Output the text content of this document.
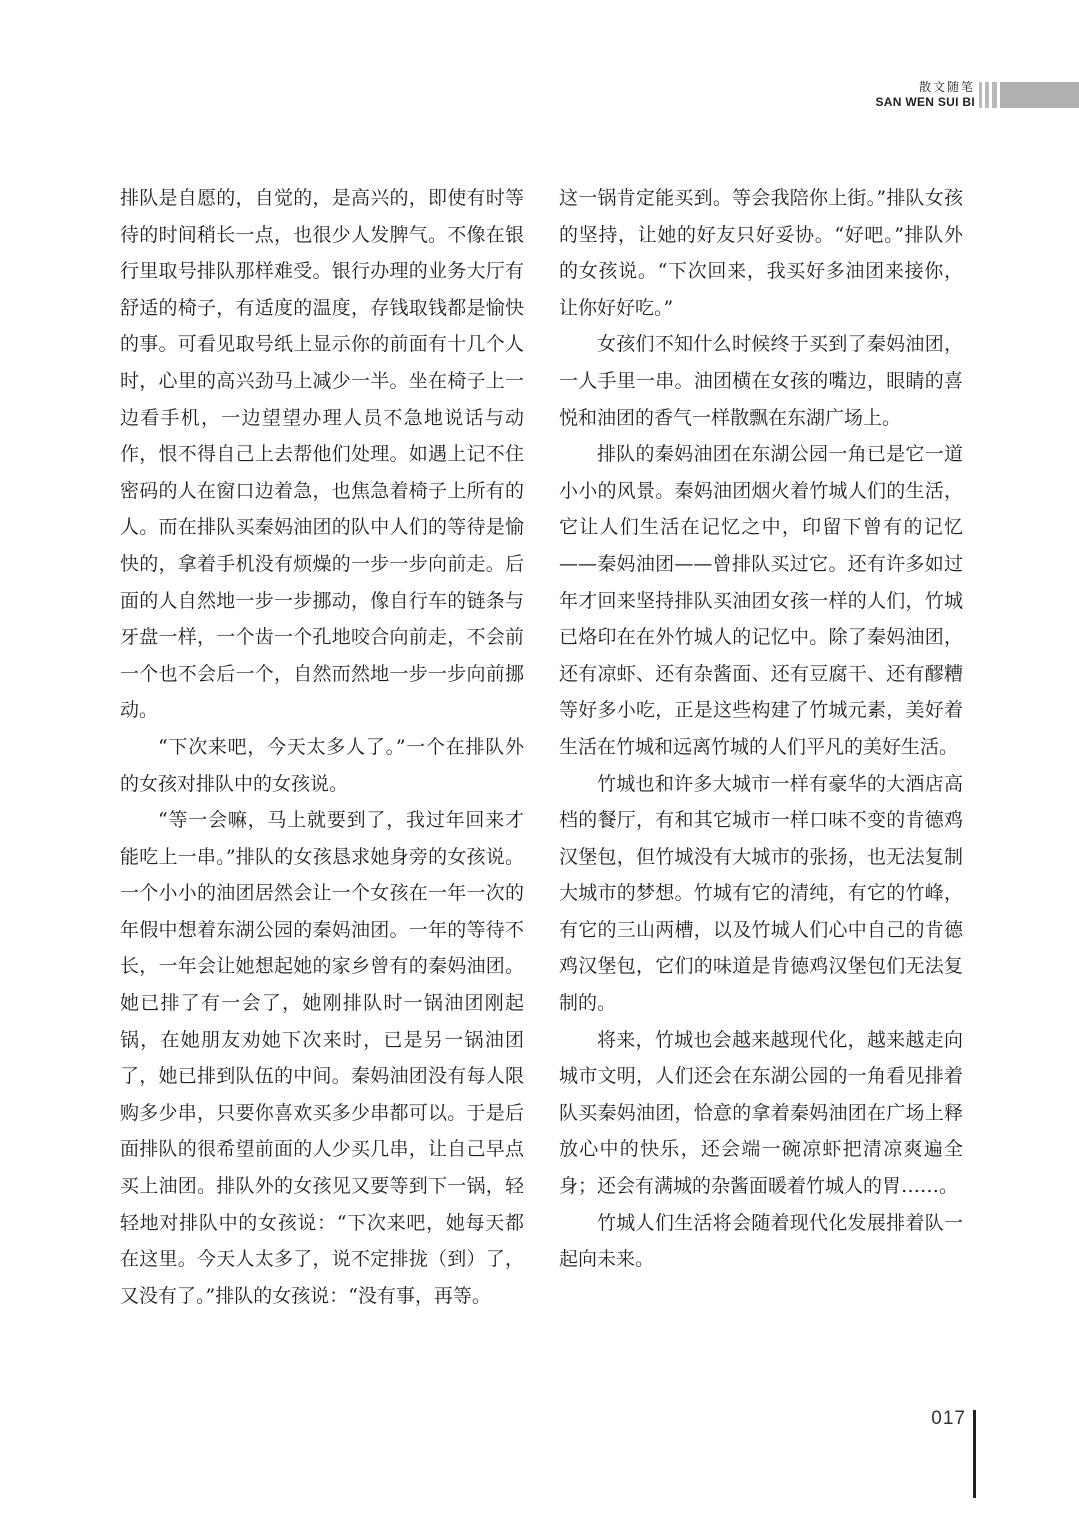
散文随笔
SAN WEN SUI BI

排队是自愿的，自觉的，是高兴的，即使有时等待的时间稍长一点，也很少人发脾气。不像在银行里取号排队那样难受。银行办理的业务大厅有舒适的椅子，有适度的温度，存钱取钱都是愉快的事。可看见取号纸上显示你的前面有十几个人时，心里的高兴劲马上减少一半。坐在椅子上一边看手机，一边望望办理人员不急地说话与动作，恨不得自己上去帮他们处理。如遇上记不住密码的人在窗口边着急，也焦急着椅子上所有的人。而在排队买秦妈油团的队中人们的等待是愉快的，拿着手机没有烦燥的一步一步向前走。后面的人自然地一步一步挪动，像自行车的链条与牙盘一样，一个齿一个孔地咬合向前走，不会前一个也不会后一个，自然而然地一步一步向前挪动。

“下次来吧，今天太多人了。”一个在排队外的女孩对排队中的女孩说。

“等一会嘛，马上就要到了，我过年回来才能吃上一串。”排队的女孩恳求她身旁的女孩说。一个小小的油团居然会让一个女孩在一年一次的年假中想着东湖公园的秦妈油团。一年的等待不长，一年会让她想起她的家乡曾有的秦妈油团。她已排了有一会了，她刚排队时一锅油团刚起锅，在她朋友劝她下次来时，已是另一锅油团了，她已排到队伍的中间。秦妈油团没有每人限购多少串，只要你喜欢买多少串都可以。于是后面排队的很希望前面的人少买几串，让自己早点买上油团。排队外的女孩见又要等到下一锅，轻轻地对排队中的女孩说：“下次来吧，她每天都在这里。今天人太多了，说不定排拢（到）了，又没有了。”排队的女孩说：“没有事，再等。

这一锅肯定能买到。等会我陪你上街。”排队女孩的坚持，让她的好友只好妥协。“好吧。”排队外的女孩说。“下次回来，我买好多油团来接你，让你好好吃。”

女孩们不知什么时候终于买到了秦妈油团，一人手里一串。油团横在女孩的嘴边，眼睛的喜悦和油团的香气一样散飘在东湖广场上。

排队的秦妈油团在东湖公园一角已是它一道小小的风景。秦妈油团烟火着竹城人们的生活，它让人们生活在记忆之中，印留下曾有的记忆——秦妈油团——曾排队买过它。还有许多如过年才回来坚持排队买油团女孩一样的人们，竹城已烙印在在外竹城人的记忆中。除了秦妈油团，还有凉虾、还有杂酱面、还有豆腐干、还有醪糟等好多小吃，正是这些构建了竹城元素，美好着生活在竹城和远离竹城的人们平凡的美好生活。

竹城也和许多大城市一样有豪华的大酒店高档的餐厅，有和其它城市一样口味不变的肯德鸡汉堡包，但竹城没有大城市的张扬，也无法复制大城市的梦想。竹城有它的清纯，有它的竹峰，有它的三山两槽，以及竹城人们心中自己的肯德鸡汉堡包，它们的味道是肯德鸡汉堡包们无法复制的。

将来，竹城也会越来越现代化，越来越走向城市文明，人们还会在东湖公园的一角看见排着队买秦妈油团，恰意的拿着秦妈油团在广场上释放心中的快乐，还会端一碗凉虾把清凉爽遍全身；还会有满城的杂酱面暖着竹城人的胃……。

竹城人们生活将会随着现代化发展排着队一起向未来。

017
